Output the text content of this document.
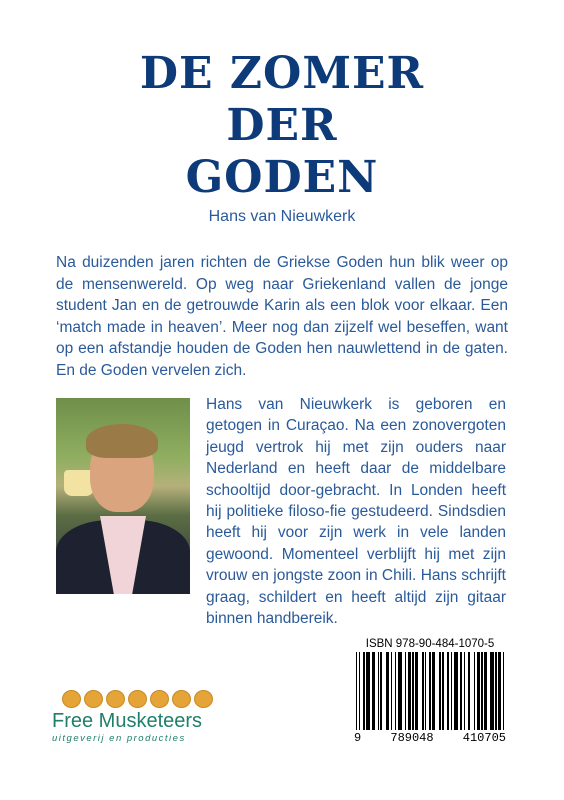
DE ZOMER
DER
GODEN
Hans van Nieuwkerk

Na duizenden jaren richten de Griekse Goden hun blik weer op de mensenwereld. Op weg naar Griekenland vallen de jonge student Jan en de getrouwde Karin als een blok voor elkaar. Een ‘match made in heaven’. Meer nog dan zijzelf wel beseffen, want op een afstandje houden de Goden hen nauwlettend in de gaten. En de Goden vervelen zich.

Hans van Nieuwkerk is geboren en getogen in Curaçao. Na een zonovergoten jeugd vertrok hij met zijn ouders naar Nederland en heeft daar de middelbare schooltijd door-gebracht. In Londen heeft hij politieke filoso-fie gestudeerd. Sindsdien heeft hij voor zijn werk in vele landen gewoond. Momenteel verblijft hij met zijn vrouw en jongste zoon in Chili. Hans schrijft graag, schildert en heeft altijd zijn gitaar binnen handbereik.

Free Musketeers
uitgeverij en producties
ISBN 978-90-484-1070-5
9 789048 410705
